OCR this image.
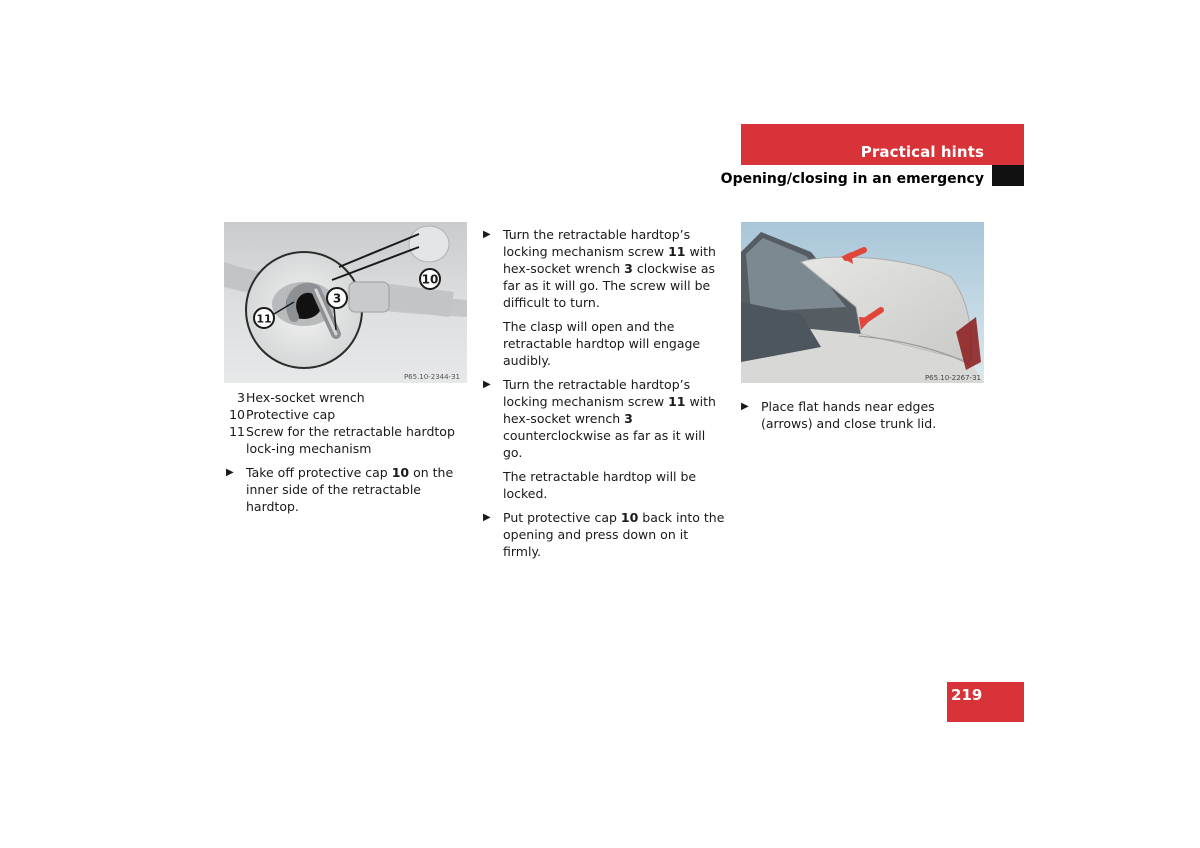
Practical hints
Opening/closing in an emergency
10
3
11
P65.10-2344-31	P65.10-2267-31
3 Hex-socket wrench
10 Protective cap
11 Screw for the retractable hardtop lock-ing mechanism
▶ Take off protective cap 10 on the inner side of the retractable hardtop.
▶ Turn the retractable hardtop’s locking mechanism screw 11 with hex-socket wrench 3 clockwise as far as it will go. The screw will be difficult to turn.
The clasp will open and the retractable hardtop will engage audibly.
▶ Turn the retractable hardtop’s locking mechanism screw 11 with hex-socket wrench 3 counterclockwise as far as it will go.
The retractable hardtop will be locked.
▶ Put protective cap 10 back into the opening and press down on it firmly.
▶ Place flat hands near edges (arrows) and close trunk lid.
219
